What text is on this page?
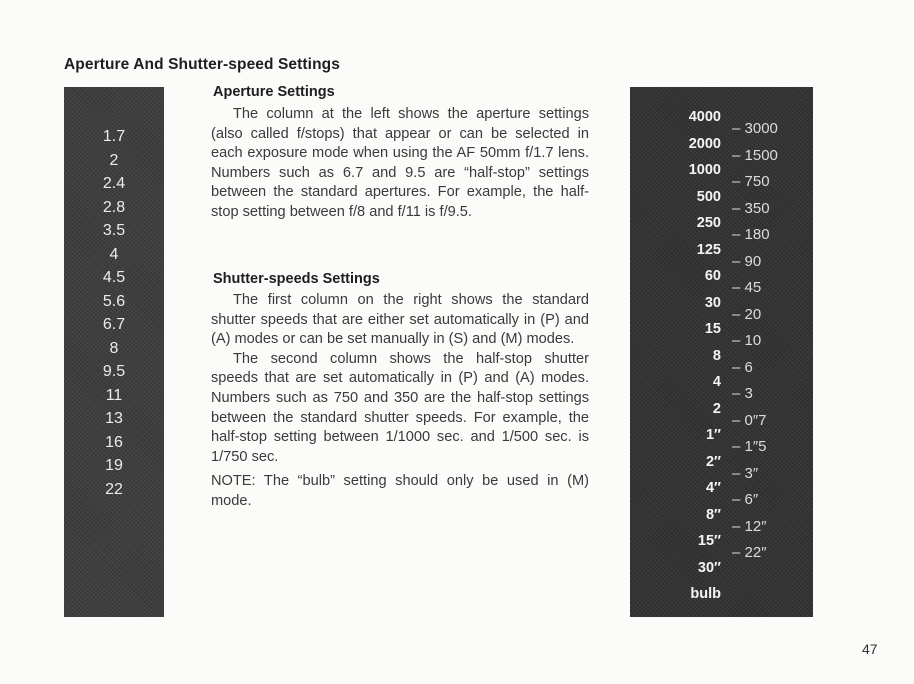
Aperture And Shutter-speed Settings
1.7
2
2.4
2.8
3.5
4
4.5
5.6
6.7
8
9.5
11
13
16
19
22
Aperture Settings

The column at the left shows the aperture settings (also called f/stops) that appear or can be selected in each exposure mode when using the AF 50mm f/1.7 lens. Numbers such as 6.7 and 9.5 are “half-stop” settings between the standard apertures. For example, the half-stop setting between f/8 and f/11 is f/9.5.

Shutter-speeds Settings

The first column on the right shows the standard shutter speeds that are either set automatically in (P) and (A) modes or can be set manually in (S) and (M) modes.

The second column shows the half-stop shutter speeds that are set automatically in (P) and (A) modes. Numbers such as 750 and 350 are the half-stop settings between the standard shutter speeds. For example, the half-stop setting between 1/1000 sec. and 1/500 sec. is 1/750 sec.

NOTE: The “bulb” setting should only be used in (M) mode.

4000
2000
1000
500
250
125
60
30
15
8
4
2
1″
2″
4″
8″
15″
30″
bulb
– 3000
– 1500
– 750
– 350
– 180
– 90
– 45
– 20
– 10
– 6
– 3
– 0″7
– 1″5
– 3″
– 6″
– 12″
– 22″
47
